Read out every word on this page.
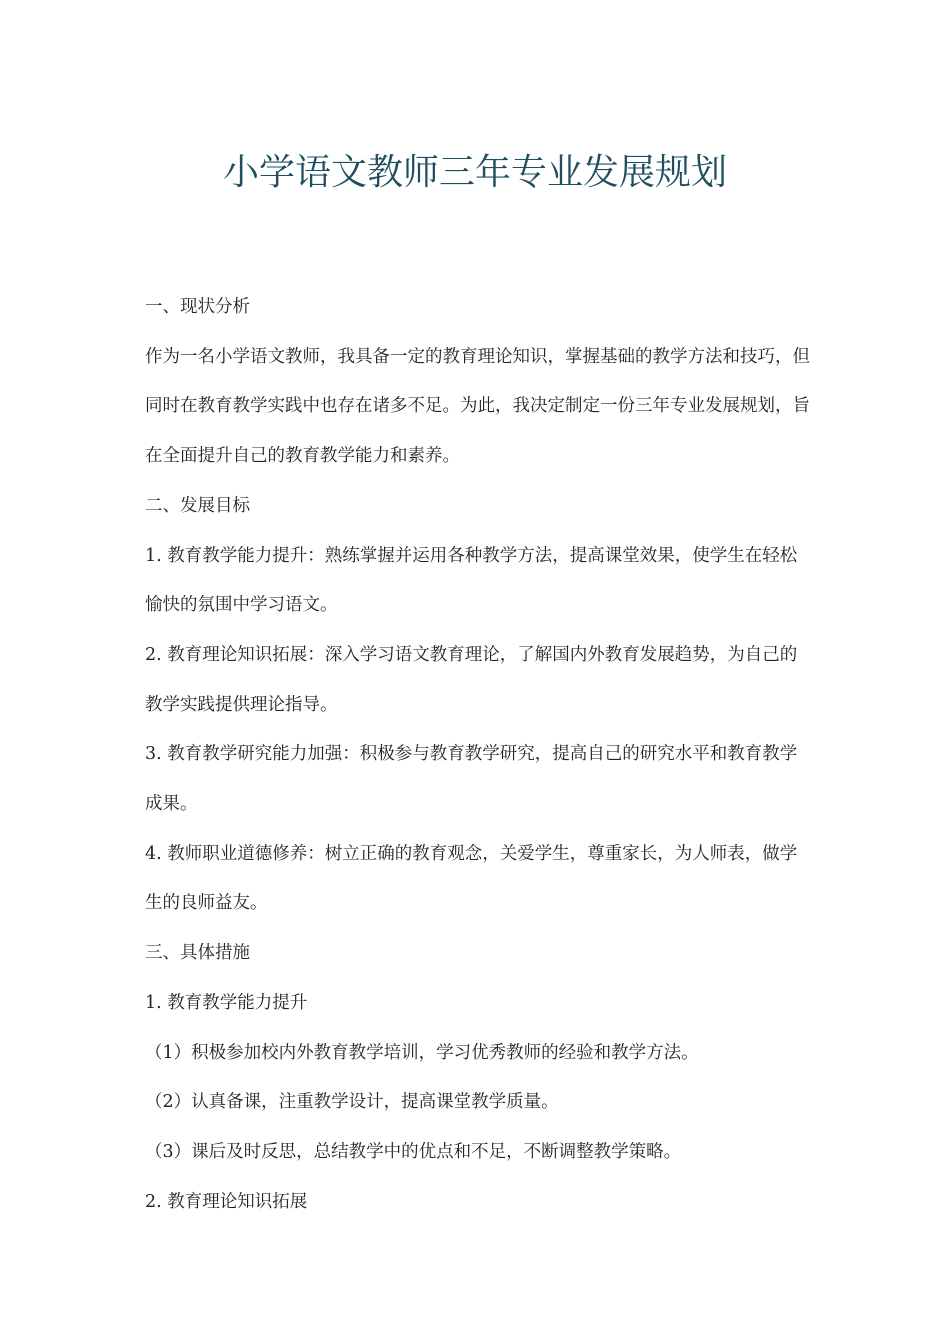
小学语文教师三年专业发展规划

一、现状分析

作为一名小学语文教师，我具备一定的教育理论知识，掌握基础的教学方法和技巧，但同时在教育教学实践中也存在诸多不足。为此，我决定制定一份三年专业发展规划，旨在全面提升自己的教育教学能力和素养。

二、发展目标

1. 教育教学能力提升：熟练掌握并运用各种教学方法，提高课堂效果，使学生在轻松愉快的氛围中学习语文。

2. 教育理论知识拓展：深入学习语文教育理论，了解国内外教育发展趋势，为自己的教学实践提供理论指导。

3. 教育教学研究能力加强：积极参与教育教学研究，提高自己的研究水平和教育教学成果。

4. 教师职业道德修养：树立正确的教育观念，关爱学生，尊重家长，为人师表，做学生的良师益友。

三、具体措施

1. 教育教学能力提升

（1）积极参加校内外教育教学培训，学习优秀教师的经验和教学方法。

（2）认真备课，注重教学设计，提高课堂教学质量。

（3）课后及时反思，总结教学中的优点和不足，不断调整教学策略。

2. 教育理论知识拓展
